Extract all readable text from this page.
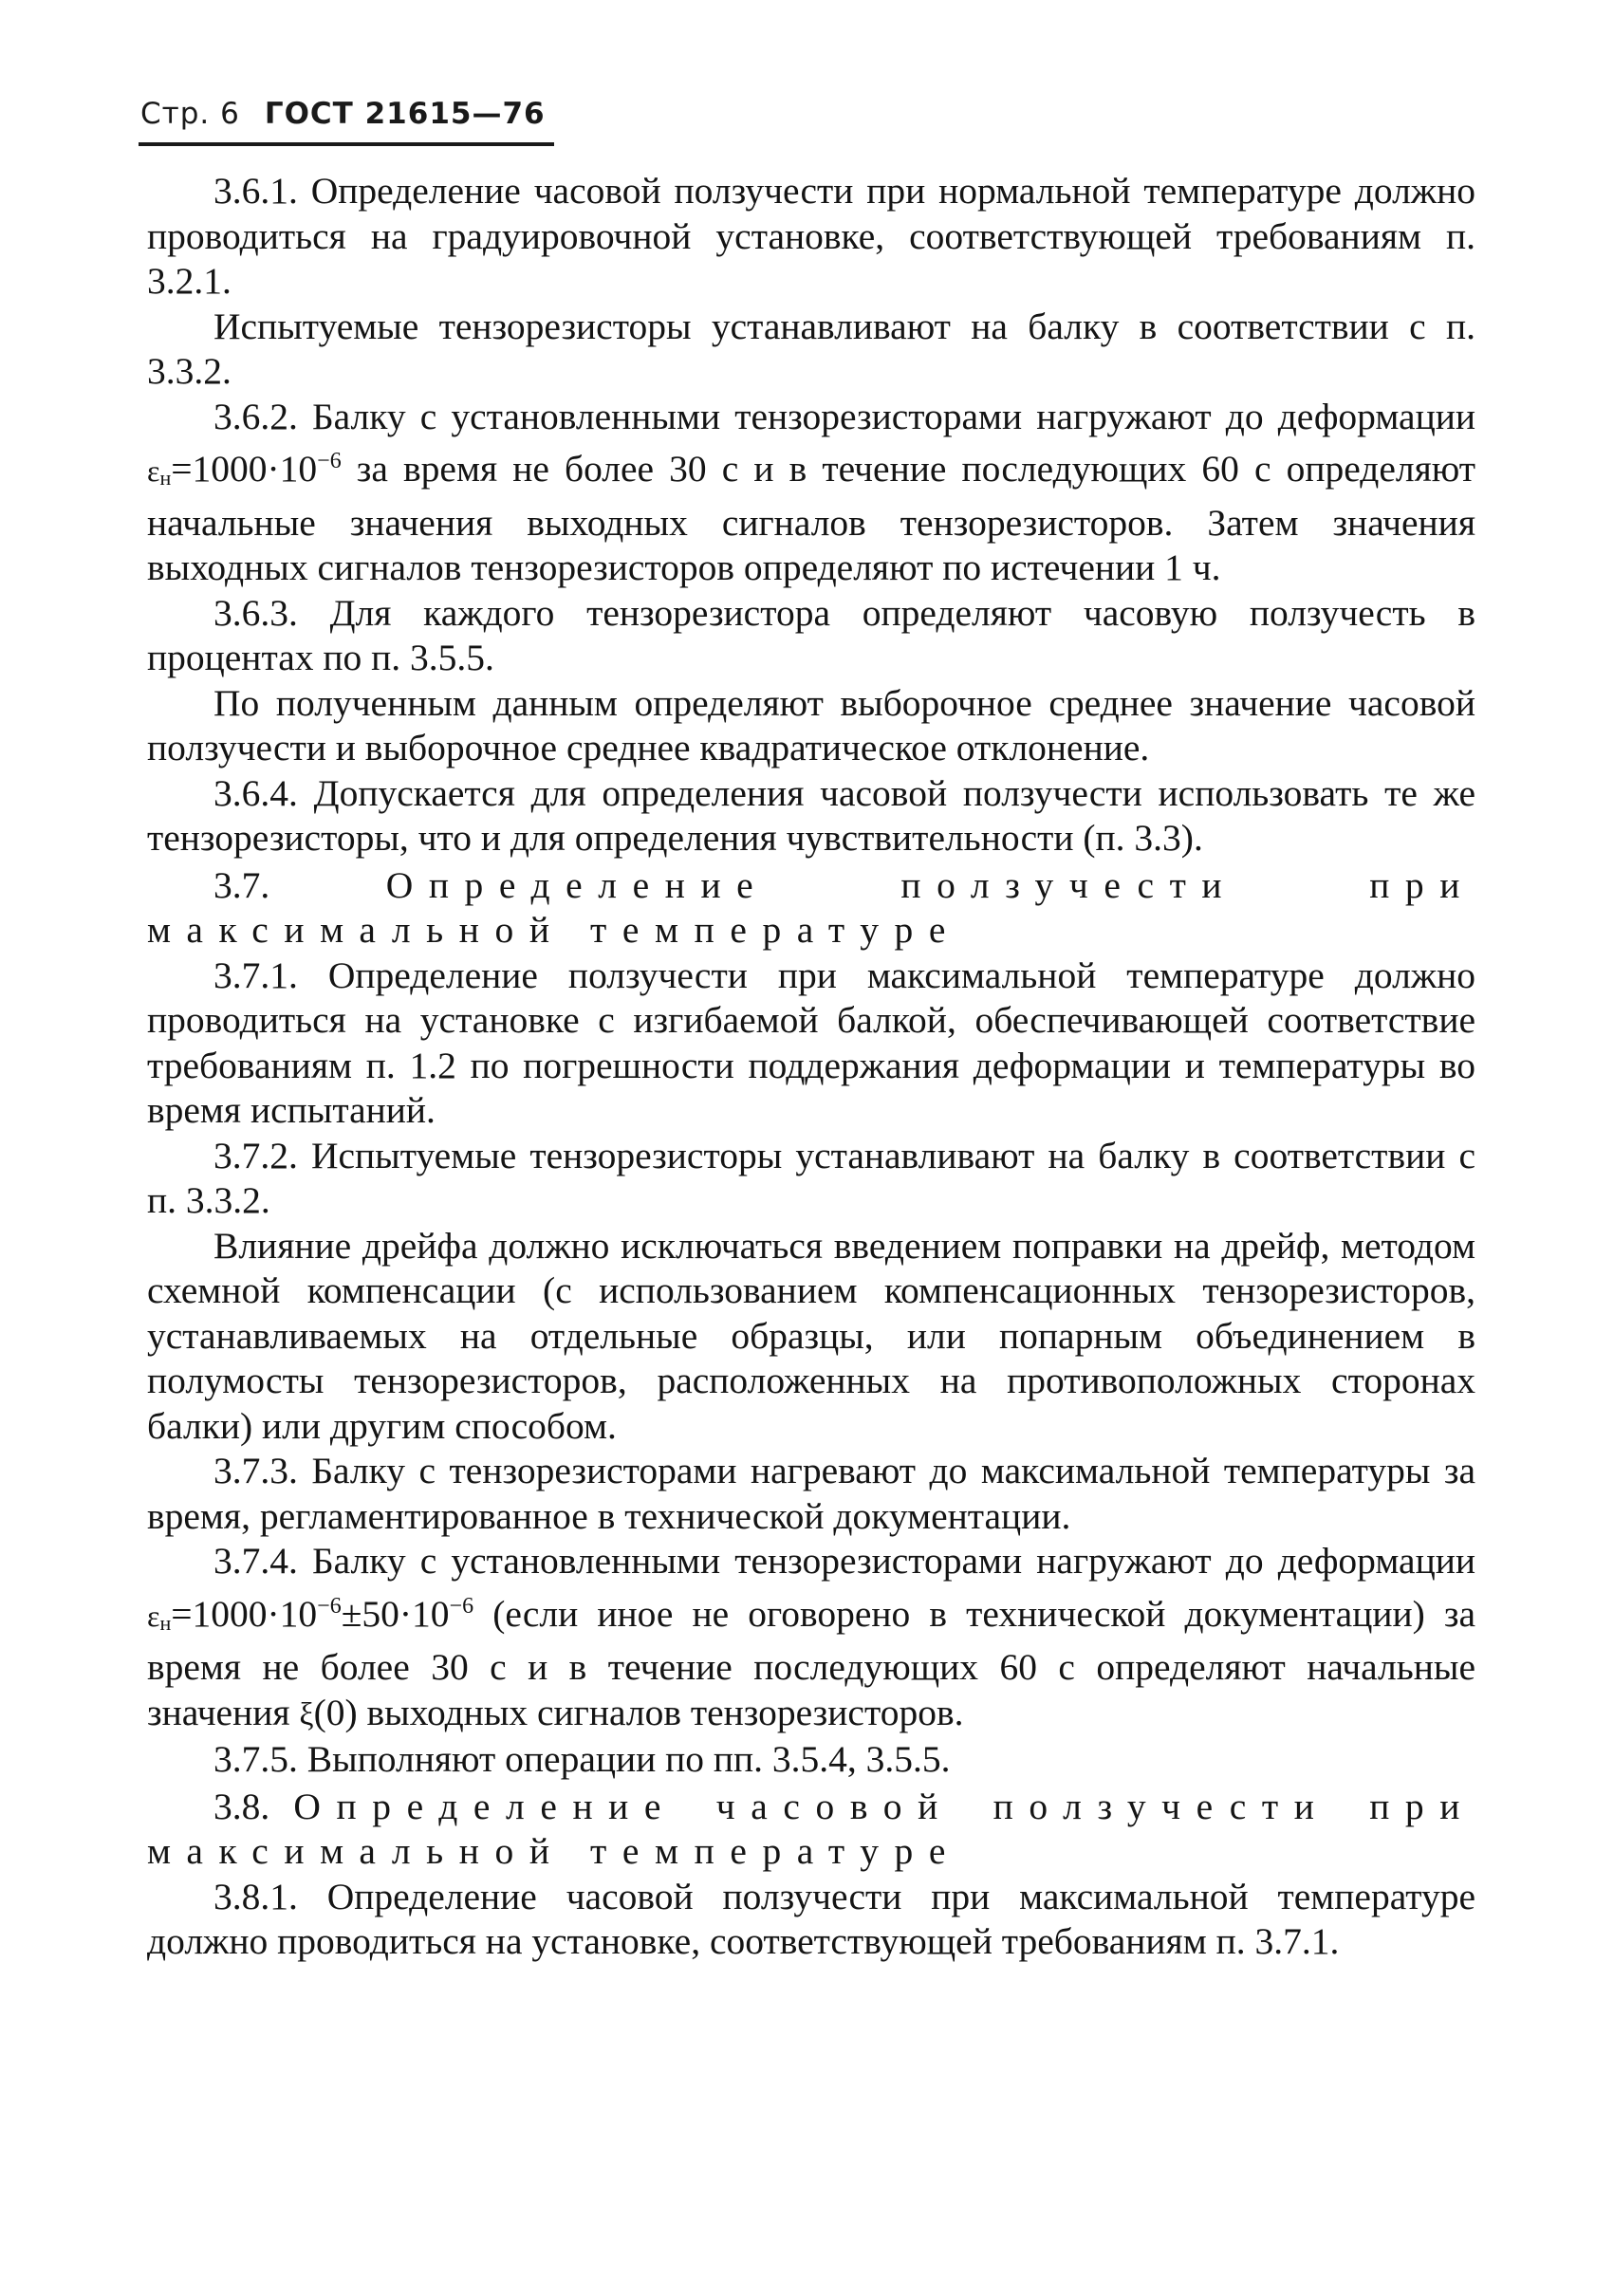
Стр. 6 ГОСТ 21615—76

3.6.1. Определение часовой ползучести при нормальной температуре должно проводиться на градуировочной установке, соответствующей требованиям п. 3.2.1.

Испытуемые тензорезисторы устанавливают на балку в соответствии с п. 3.3.2.

3.6.2. Балку с установленными тензорезисторами нагружают до деформации $\varepsilon н=1000\cdot 10^{-6}$ за время не более 30 с и в течение последующих 60 с определяют начальные значения выходных сигналов тензорезисторов. Затем значения выходных сигналов тензорезисторов определяют по истечении 1 ч.

3.6.3. Для каждого тензорезистора определяют часовую ползучесть в процентах по п. 3.5.5.

По полученным данным определяют выборочное среднее значение часовой ползучести и выборочное среднее квадратическое отклонение.

3.6.4. Допускается для определения часовой ползучести использовать те же тензорезисторы, что и для определения чувствительности (п. 3.3).

3.7. Определение ползучести при максимальной температуре

3.7.1. Определение ползучести при максимальной температуре должно проводиться на установке с изгибаемой балкой, обеспечивающей соответствие требованиям п. 1.2 по погрешности поддержания деформации и температуры во время испытаний.

3.7.2. Испытуемые тензорезисторы устанавливают на балку в соответствии с п. 3.3.2.

Влияние дрейфа должно исключаться введением поправки на дрейф, методом схемной компенсации (с использованием компенсационных тензорезисторов, устанавливаемых на отдельные образцы, или попарным объединением в полумосты тензорезисторов, расположенных на противоположных сторонах балки) или другим способом.

3.7.3. Балку с тензорезисторами нагревают до максимальной температуры за время, регламентированное в технической документации.

3.7.4. Балку с установленными тензорезисторами нагружают до деформации $\varepsilon н=1000\cdot 10^{-6}\pm 50\cdot 10^{-6}$ (если иное не оговорено в технической документации) за время не более 30 с и в течение последующих 60 с определяют начальные значения ξ(0) выходных сигналов тензорезисторов.

3.7.5. Выполняют операции по пп. 3.5.4, 3.5.5.

3.8. Определение часовой ползучести при максимальной температуре

3.8.1. Определение часовой ползучести при максимальной температуре должно проводиться на установке, соответствующей требованиям п. 3.7.1.
